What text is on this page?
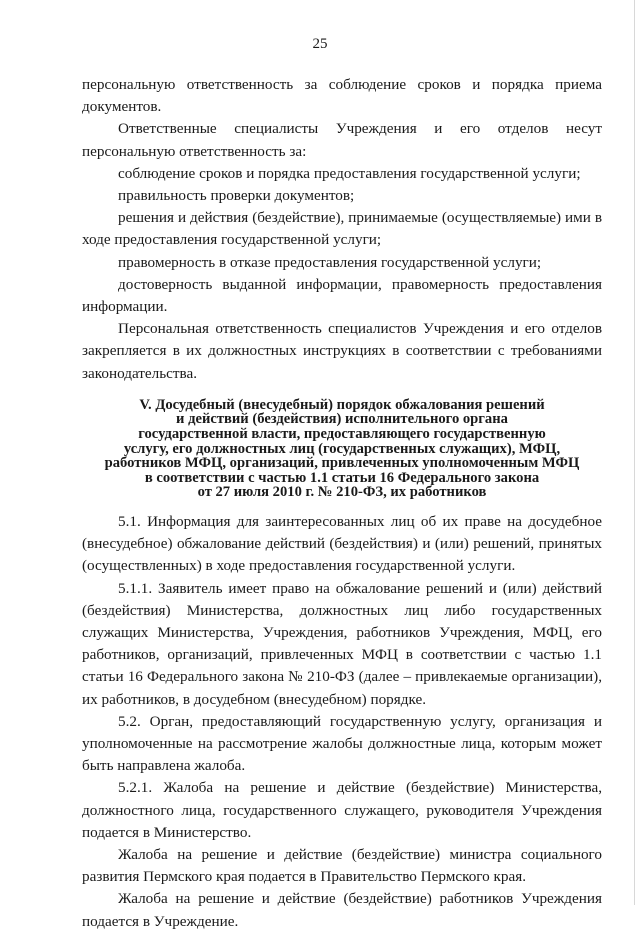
25

персональную ответственность за соблюдение сроков и порядка приема документов.

Ответственные специалисты Учреждения и его отделов несут персональную ответственность за:

соблюдение сроков и порядка предоставления государственной услуги;

правильность проверки документов;

решения и действия (бездействие), принимаемые (осуществляемые) ими в ходе предоставления государственной услуги;

правомерность в отказе предоставления государственной услуги;

достоверность выданной информации, правомерность предоставления информации.

Персональная ответственность специалистов Учреждения и его отделов закрепляется в их должностных инструкциях в соответствии с требованиями законодательства.

V. Досудебный (внесудебный) порядок обжалования решений
и действий (бездействия) исполнительного органа
государственной власти, предоставляющего государственную
услугу, его должностных лиц (государственных служащих), МФЦ,
работников МФЦ, организаций, привлеченных уполномоченным МФЦ
в соответствии с частью 1.1 статьи 16 Федерального закона
от 27 июля 2010 г. № 210-ФЗ, их работников

5.1. Информация для заинтересованных лиц об их праве на досудебное (внесудебное) обжалование действий (бездействия) и (или) решений, принятых (осуществленных) в ходе предоставления государственной услуги.

5.1.1. Заявитель имеет право на обжалование решений и (или) действий (бездействия) Министерства, должностных лиц либо государственных служащих Министерства, Учреждения, работников Учреждения, МФЦ, его работников, организаций, привлеченных МФЦ в соответствии с частью 1.1 статьи 16 Федерального закона № 210-ФЗ (далее – привлекаемые организации), их работников, в досудебном (внесудебном) порядке.

5.2. Орган, предоставляющий государственную услугу, организация и уполномоченные на рассмотрение жалобы должностные лица, которым может быть направлена жалоба.

5.2.1. Жалоба на решение и действие (бездействие) Министерства, должностного лица, государственного служащего, руководителя Учреждения подается в Министерство.

Жалоба на решение и действие (бездействие) министра социального развития Пермского края подается в Правительство Пермского края.

Жалоба на решение и действие (бездействие) работников Учреждения подается в Учреждение.
